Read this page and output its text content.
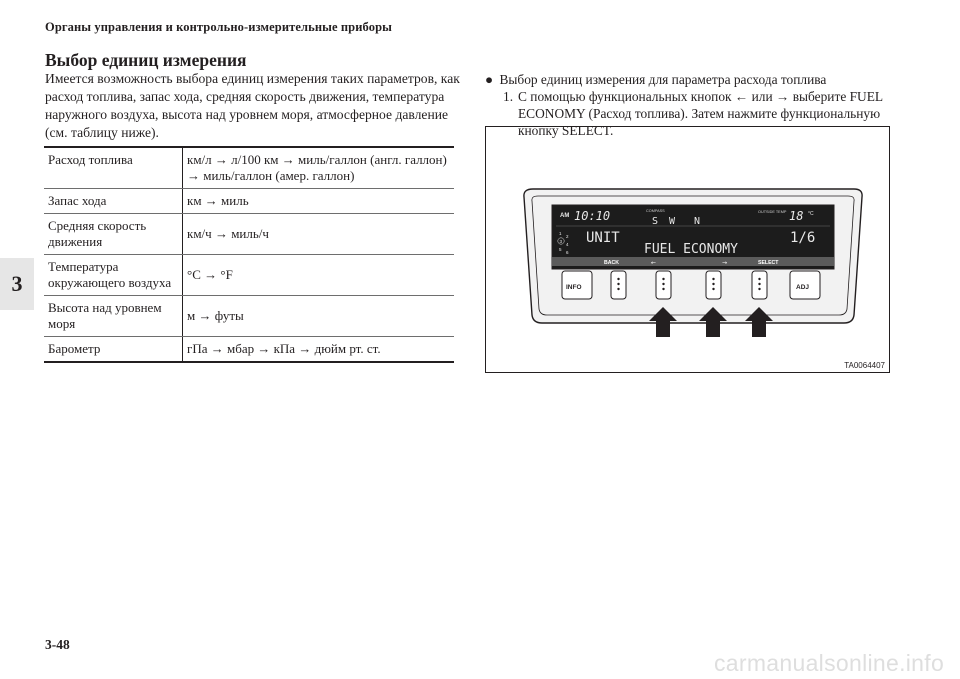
Органы управления и контрольно-измерительные приборы
3
Выбор единиц измерения
Имеется возможность выбора единиц измерения таких параметров, как расход топлива, запас хода, средняя скорость движения, температура наружного воздуха, высота над уровнем моря, атмосферное давление (см. таблицу ниже).
Расход топлива	км/л → л/100 км → миль/галлон (англ. галлон) → миль/галлон (амер. галлон)
Запас хода	км → миль
Средняя скорость движения	км/ч → миль/ч
Температура окружающего воздуха	°C → °F
Высота над уровнем моря	м → футы
Барометр	гПа → мбар → кПа → дюйм рт. ст.
● Выбор единиц измерения для параметра расхода топлива
1. С помощью функциональных кнопок ← или → выберите FUEL ECONOMY (Расход топлива). Затем нажмите функциональную кнопку SELECT.
AM 10:10	COMPASS
S W N
OUTSIDE TEMP 18 °C
1
2
3
4
5
6
UNIT	1/6
FUEL ECONOMY
BACK	←	→	SELECT
INFO	ADJ
TA0064407
3-48
carmanualsonline.info
